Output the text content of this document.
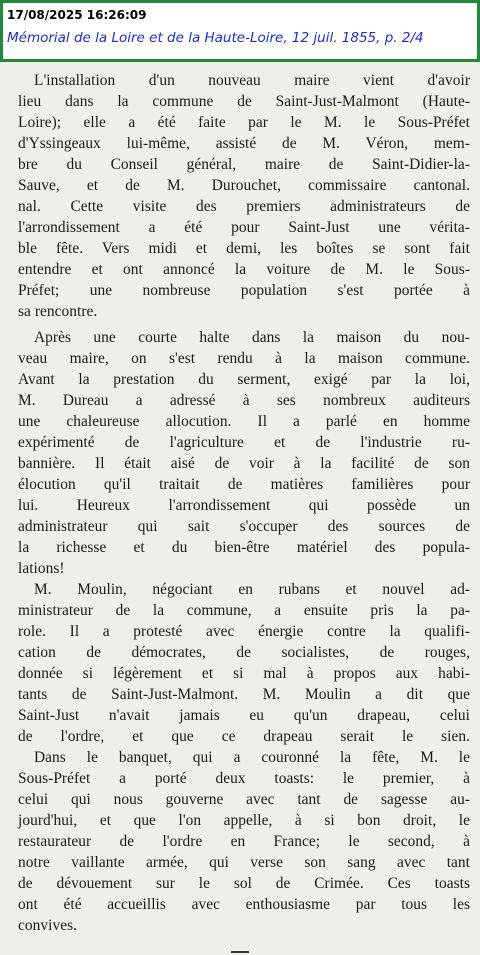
17/08/2025 16:26:09
Mémorial de la Loire et de la Haute-Loire, 12 juil. 1855, p. 2/4
L'installation d'un nouveau maire vient d'avoir
lieu dans la commune de Saint-Just-Malmont (Haute-
Loire); elle a été faite par le M. le Sous-Préfet
d'Yssingeaux lui-même, assisté de M. Véron, mem-
bre du Conseil général, maire de Saint-Didier-la-
Sauve, et de M. Durouchet, commissaire cantonal.
nal. Cette visite des premiers administrateurs de
l'arrondissement a été pour Saint-Just une vérita-
ble fête. Vers midi et demi, les boîtes se sont fait
entendre et ont annoncé la voiture de M. le Sous-
Préfet; une nombreuse population s'est portée à
sa rencontre.
Après une courte halte dans la maison du nou-
veau maire, on s'est rendu à la maison commune.
Avant la prestation du serment, exigé par la loi,
M. Dureau a adressé à ses nombreux auditeurs
une chaleureuse allocution. Il a parlé en homme
expérimenté de l'agriculture et de l'industrie ru-
bannière. Il était aisé de voir à la facilité de son
élocution qu'il traitait de matières familières pour
lui. Heureux l'arrondissement qui possède un
administrateur qui sait s'occuper des sources de
la richesse et du bien-être matériel des popula-
lations!
M. Moulin, négociant en rubans et nouvel ad-
ministrateur de la commune, a ensuite pris la pa-
role. Il a protesté avec énergie contre la qualifi-
cation de démocrates, de socialistes, de rouges,
donnée si légèrement et si mal à propos aux habi-
tants de Saint-Just-Malmont. M. Moulin a dit que
Saint-Just n'avait jamais eu qu'un drapeau, celui
de l'ordre, et que ce drapeau serait le sien.
Dans le banquet, qui a couronné la fête, M. le
Sous-Préfet a porté deux toasts: le premier, à
celui qui nous gouverne avec tant de sagesse au-
jourd'hui, et que l'on appelle, à si bon droit, le
restaurateur de l'ordre en France; le second, à
notre vaillante armée, qui verse son sang avec tant
de dévouement sur le sol de Crimée. Ces toasts
ont été accueillis avec enthousiasme par tous les
convives.
